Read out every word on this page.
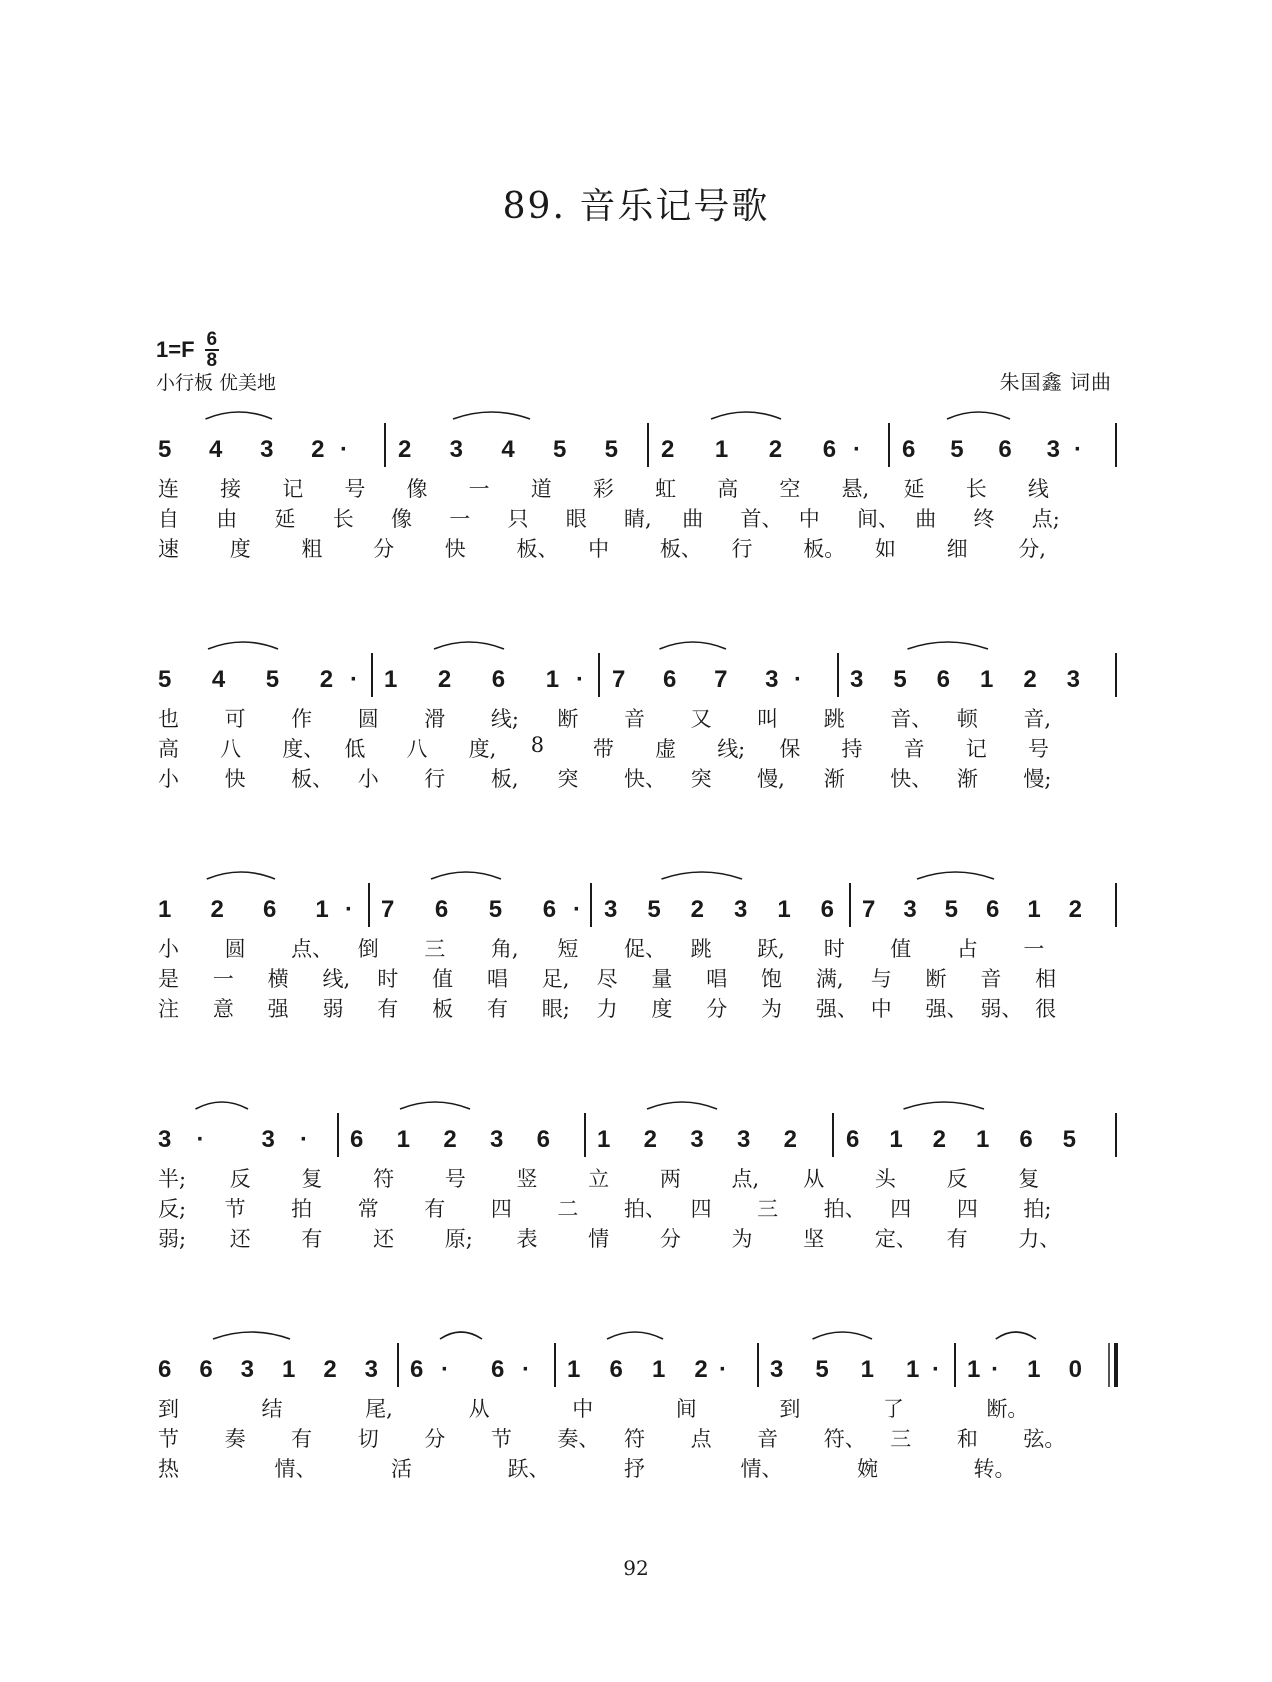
89. 音乐记号歌
$1=F \frac{6}{8}$
小行板 优美地	朱国鑫 词曲
5 4 3 2· 2 3 4 5 5 2 1 2 6· 6 5 6 3·
连 接 记 号 像 一 道 彩 虹 高 空 悬, 延 长 线
自 由 延 长 像 一 只 眼 睛, 曲 首、 中 间、 曲 终 点;
速 度 粗 分 快 板、 中 板、 行 板。 如 细 分,
5 4 5 2· 1 2 6 1· 7 6 7 3· 3 5 6 1 2 3
也 可 作 圆 滑 线; 断 音 又 叫 跳 音、 顿 音,
高 八 度、 低 八 度, 8 带 虚 线; 保 持 音 记 号
小 快 板、 小 行 板, 突 快、 突 慢, 渐 快、 渐 慢;
1 2 6 1· 7 6 5 6· 3 5 2 3 1 6 7 3 5 6 1 2
小 圆 点、 倒 三 角, 短 促、 跳 跃, 时 值 占 一
是 一 横 线, 时 值 唱 足, 尽 量 唱 饱 满, 与 断 音 相
注 意 强 弱 有 板 有 眼; 力 度 分 为 强、 中 强、 弱、 很
3· 3· 6 1 2 3 6 1 2 3 3 2 6 1 2 1 6 5
半; 反 复 符 号 竖 立 两 点, 从 头 反 复
反; 节 拍 常 有 四 二 拍、 四 三 拍、 四 四 拍;
弱; 还 有 还 原; 表 情 分 为 坚 定、 有 力、
6 6 3 1 2 3 6· 6· 1 6 1 2· 3 5 1 1· 1· 1 0
到	结	尾,	从	中	间	到	了	断。
节 奏 有 切 分 节 奏、 符 点 音 符、 三 和 弦。
热	情、	活	跃、	抒	情、	婉	转。
92
